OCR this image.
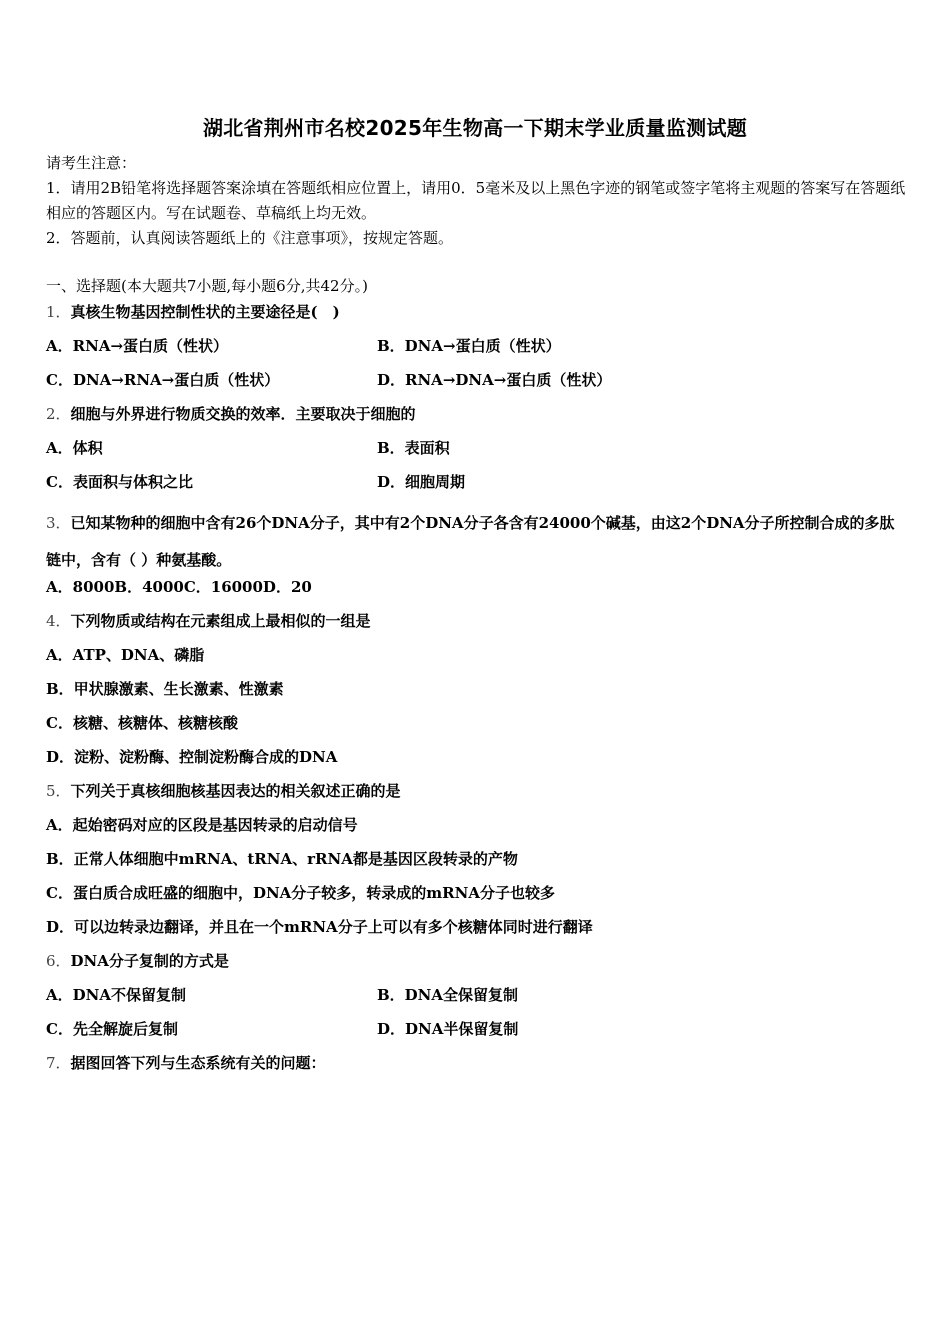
湖北省荆州市名校2025年生物高一下期末学业质量监测试题

请考生注意：

1．请用2B铅笔将选择题答案涂填在答题纸相应位置上，请用0．5毫米及以上黑色字迹的钢笔或签字笔将主观题的答案写在答题纸相应的答题区内。写在试题卷、草稿纸上均无效。

2．答题前，认真阅读答题纸上的《注意事项》，按规定答题。

一、选择题(本大题共7小题,每小题6分,共42分。)
1．真核生物基因控制性状的主要途径是(　)
A．RNA→蛋白质（性状）	B．DNA→蛋白质（性状）
C．DNA→RNA→蛋白质（性状）	D．RNA→DNA→蛋白质（性状）
2．细胞与外界进行物质交换的效率．主要取决于细胞的
A．体积	B．表面积
C．表面积与体积之比	D．细胞周期
3．已知某物种的细胞中含有26个DNA分子，其中有2个DNA分子各含有24000个碱基，由这2个DNA分子所控制合成的多肽链中，含有（ ）种氨基酸。
A．8000B．4000C．16000D．20
4．下列物质或结构在元素组成上最相似的一组是
A．ATP、DNA、磷脂
B．甲状腺激素、生长激素、性激素
C．核糖、核糖体、核糖核酸
D．淀粉、淀粉酶、控制淀粉酶合成的DNA
5．下列关于真核细胞核基因表达的相关叙述正确的是
A．起始密码对应的区段是基因转录的启动信号
B．正常人体细胞中mRNA、tRNA、rRNA都是基因区段转录的产物
C．蛋白质合成旺盛的细胞中，DNA分子较多，转录成的mRNA分子也较多
D．可以边转录边翻译，并且在一个mRNA分子上可以有多个核糖体同时进行翻译
6．DNA分子复制的方式是
A．DNA不保留复制	B．DNA全保留复制
C．先全解旋后复制	D．DNA半保留复制
7．据图回答下列与生态系统有关的问题：
